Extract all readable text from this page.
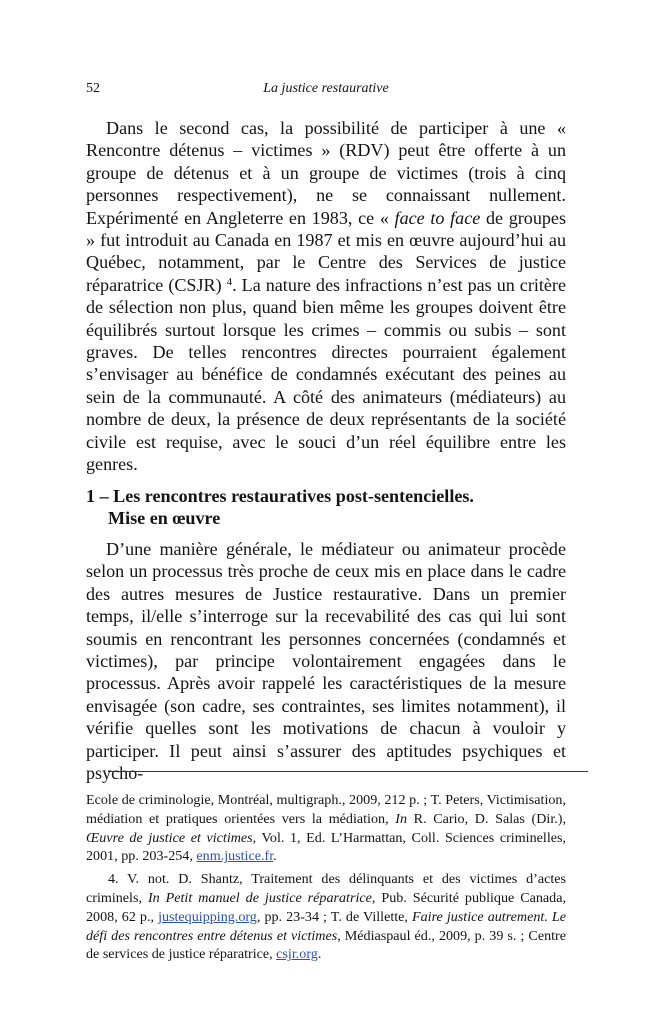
52	La justice restaurative

Dans le second cas, la possibilité de participer à une « Rencontre détenus – victimes » (RDV) peut être offerte à un groupe de détenus et à un groupe de victimes (trois à cinq personnes respectivement), ne se connaissant nullement. Expérimenté en Angleterre en 1983, ce « face to face de groupes » fut introduit au Canada en 1987 et mis en œuvre aujourd’hui au Québec, notamment, par le Centre des Services de justice réparatrice (CSJR) $^4$. La nature des infractions n’est pas un critère de sélection non plus, quand bien même les groupes doivent être équilibrés surtout lorsque les crimes – commis ou subis – sont graves. De telles rencontres directes pourraient également s’envisager au bénéfice de condamnés exécutant des peines au sein de la communauté. A côté des animateurs (médiateurs) au nombre de deux, la présence de deux représentants de la société civile est requise, avec le souci d’un réel équilibre entre les genres.

1 – Les rencontres restauratives post-sentencielles.
Mise en œuvre

D’une manière générale, le médiateur ou animateur procède selon un processus très proche de ceux mis en place dans le cadre des autres mesures de Justice restaurative. Dans un premier temps, il/elle s’interroge sur la recevabilité des cas qui lui sont soumis en rencontrant les personnes concernées (condamnés et victimes), par principe volontairement engagées dans le processus. Après avoir rappelé les caractéristiques de la mesure envisagée (son cadre, ses contraintes, ses limites notamment), il vérifie quelles sont les motivations de chacun à vouloir y participer. Il peut ainsi s’assurer des aptitudes psychiques et psycho-

Ecole de criminologie, Montréal, multigraph., 2009, 212 p. ; T. Peters, Victimisation, médiation et pratiques orientées vers la médiation, In R. Cario, D. Salas (Dir.), Œuvre de justice et victimes, Vol. 1, Ed. L’Harmattan, Coll. Sciences criminelles, 2001, pp. 203-254, enm.justice.fr.

4. V. not. D. Shantz, Traitement des délinquants et des victimes d’actes criminels, In Petit manuel de justice réparatrice, Pub. Sécurité publique Canada, 2008, 62 p., justequipping.org, pp. 23-34 ; T. de Villette, Faire justice autrement. Le défi des rencontres entre détenus et victimes, Médiaspaul éd., 2009, p. 39 s. ; Centre de services de justice réparatrice, csjr.org.
